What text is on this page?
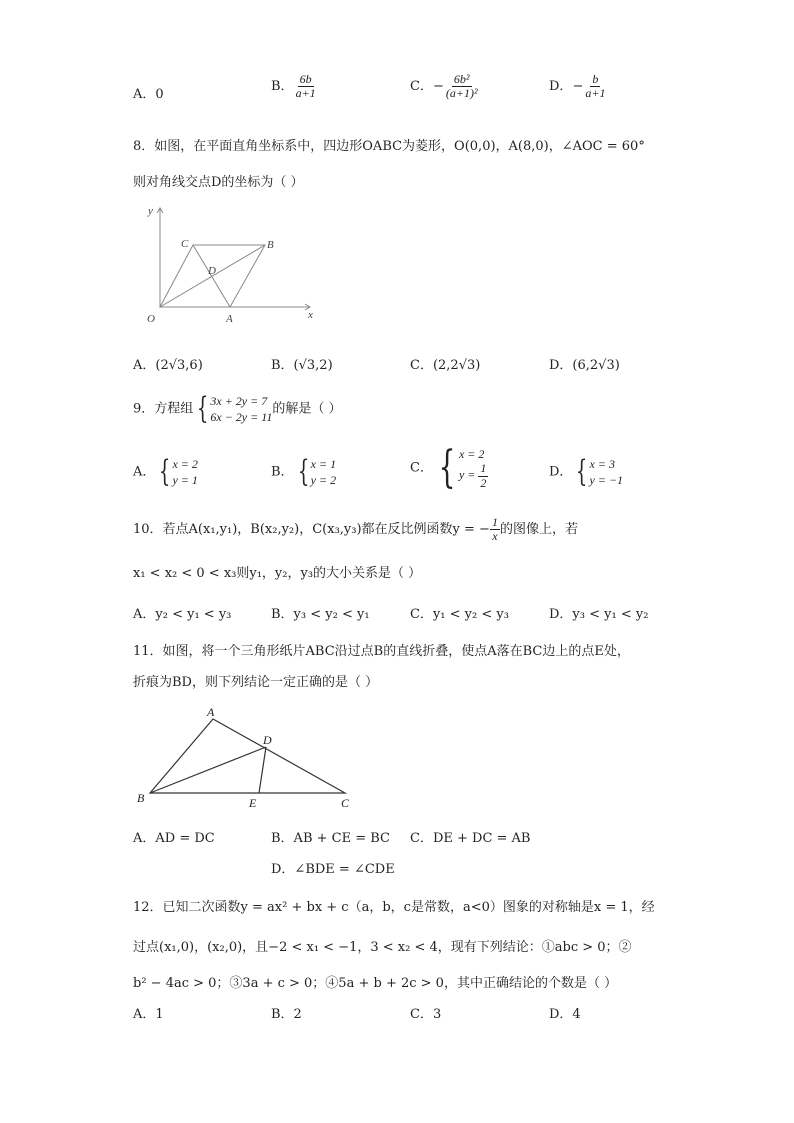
A．0
B． $\frac{6b}{a+1}$	C．− $\frac{\text{6b²}}{\text{(a+1)²}}$	D．− $\frac{b}{a+1}$
8．如图，在平面直角坐标系中，四边形OABC为菱形，O(0,0)，A(8,0)，∠AOC = 60°
则对角线交点D的坐标为（ ）
O	A
B
C
D
x
y
A．(2√3,6)	B．(√3,2)	C．(2,2√3)	D．(6,2√3)
9．方程组 { 3x + 2y = 7
6x − 2y = 11
的解是（ ）
A． { x = 2
y = 1
B． { x = 1
y = 2
C． { x = 2
$y = \frac{1}{2}$	D． { x = 3
y = −1
10．若点A(x₁,y₁)，B(x₂,y₂)，C(x₃,y₃)都在反比例函数y = − $\frac{1}{x}$ 的图像上，若
x₁ < x₂ < 0 < x₃则y₁，y₂，y₃的大小关系是（ ）
A．y₂ < y₁ < y₃	B．y₃ < y₂ < y₁	C．y₁ < y₂ < y₃	D．y₃ < y₁ < y₂
11．如图，将一个三角形纸片ABC沿过点B的直线折叠，使点A落在BC边上的点E处，
折痕为BD，则下列结论一定正确的是（ ）
A
B	C
D
E
A．AD = DC	B．AB + CE = BC C．DE + DC = AB
D．∠BDE = ∠CDE
12．已知二次函数y = ax² + bx + c（a，b，c是常数，a<0）图象的对称轴是x = 1，经
过点(x₁,0)，(x₂,0)，且−2 < x₁ < −1，3 < x₂ < 4，现有下列结论：①abc > 0；②
b² − 4ac > 0；③3a + c > 0；④5a + b + 2c > 0，其中正确结论的个数是（ ）
A．1	B．2	C．3	D．4
